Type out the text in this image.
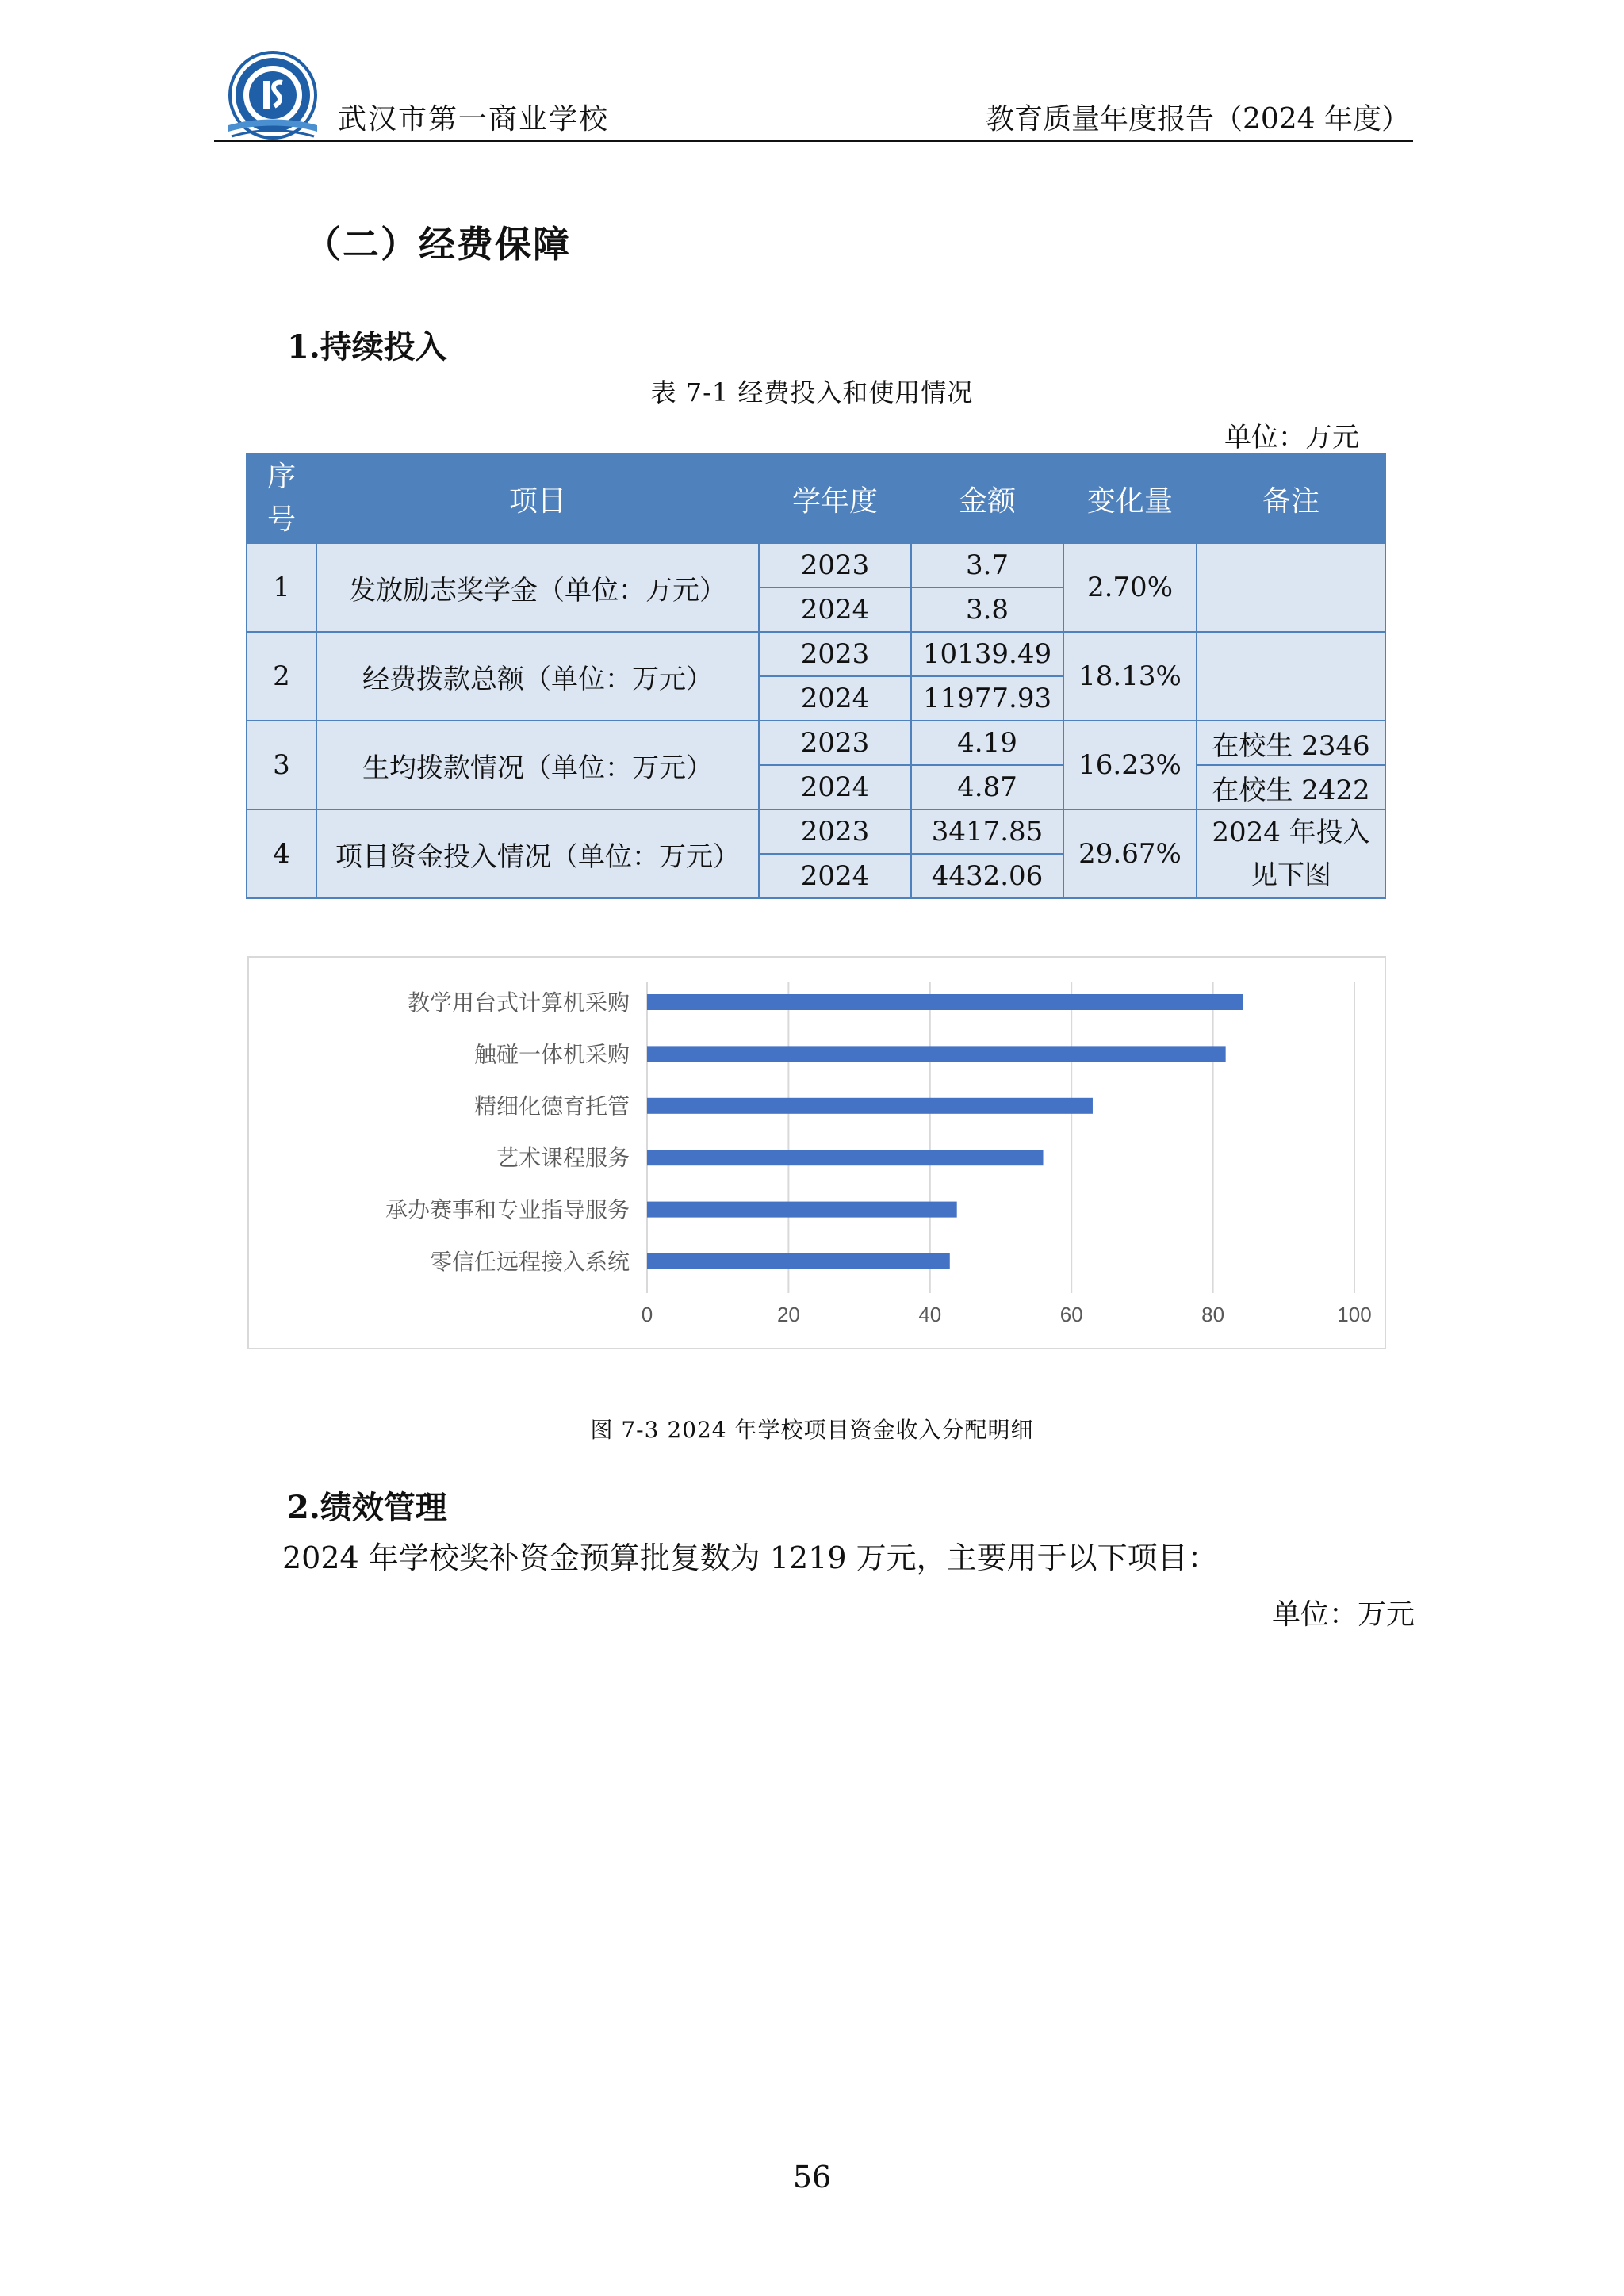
武汉市第一商业学校	教育质量年度报告（2024 年度）
（二）经费保障
1.持续投入
表 7-1 经费投入和使用情况
单位：万元
序号	项目	学年度	金额	变化量	备注
1	发放励志奖学金（单位：万元）	2023	3.7	2.70%	
		2024	3.8		
2	经费拨款总额（单位：万元）	2023	10139.49	18.13%	
		2024	11977.93		
3	生均拨款情况（单位：万元）	2023	4.19	16.23%	在校生 2346
		2024	4.87		在校生 2422
4	项目资金投入情况（单位：万元）	2023	3417.85	29.67%	2024 年投入见下图
		2024	4432.06		
0	20	40	60	80	100
教学用台式计算机采购
触碰一体机采购
精细化德育托管
艺术课程服务
承办赛事和专业指导服务
零信任远程接入系统
图 7-3 2024 年学校项目资金收入分配明细
2.绩效管理
2024 年学校奖补资金预算批复数为 1219 万元，主要用于以下项目：
单位：万元
56
